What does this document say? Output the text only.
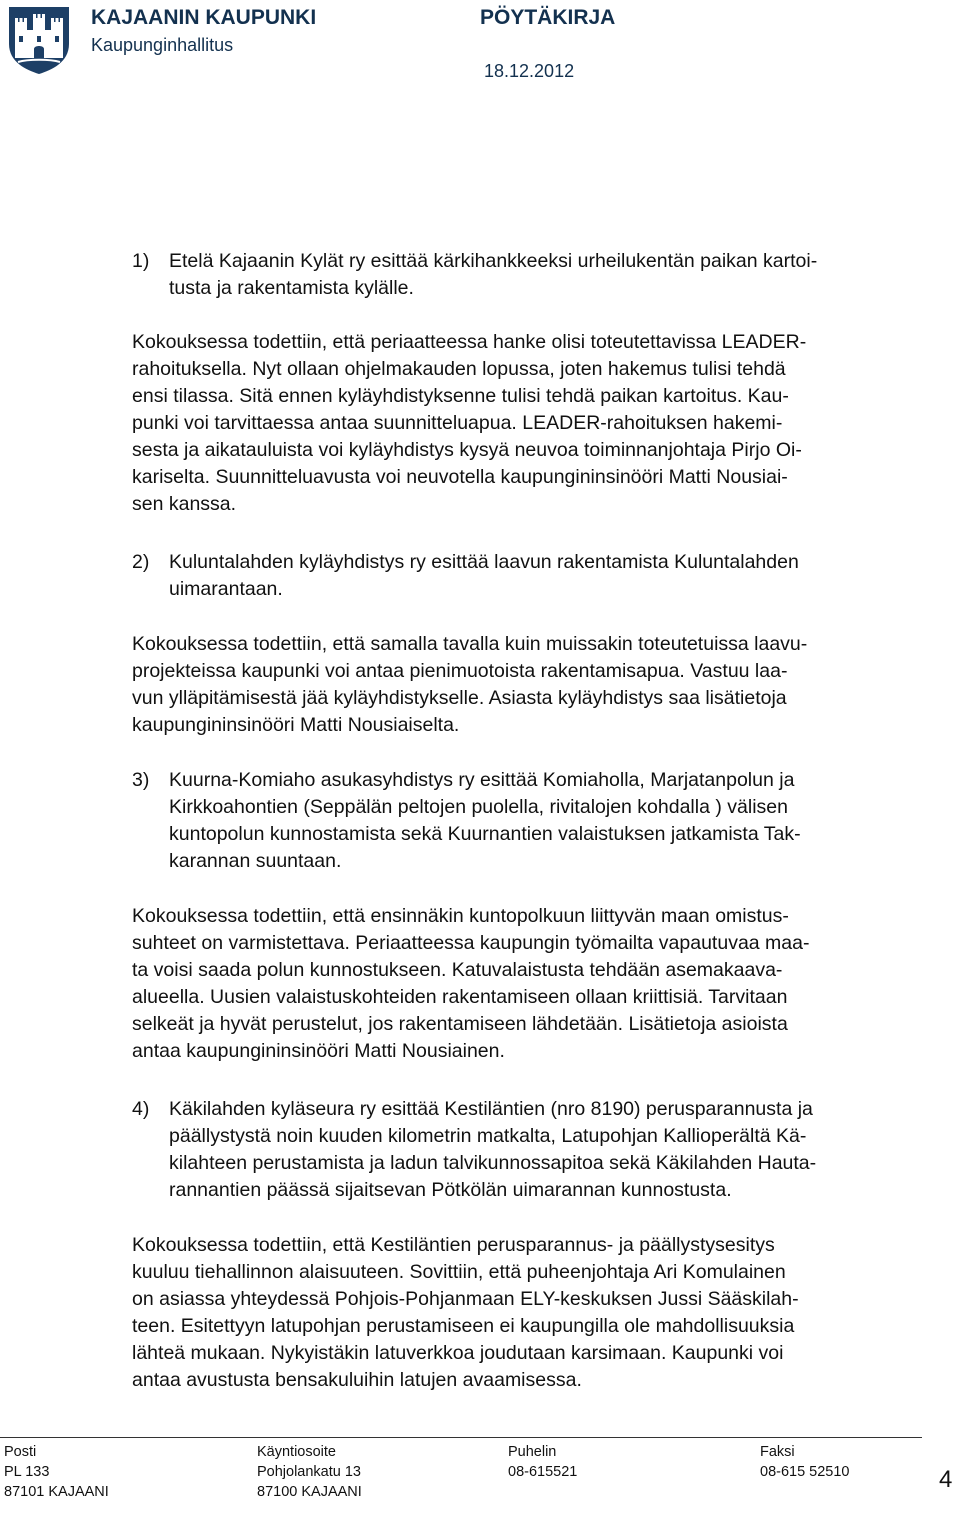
KAJAANIN KAUPUNKI
Kaupunginhallitus
PÖYTÄKIRJA
18.12.2012
1) Etelä Kajaanin Kylät ry esittää kärkihankkeeksi urheilukentän paikan kartoi-

tusta ja rakentamista kylälle.

Kokouksessa todettiin, että periaatteessa hanke olisi toteutettavissa LEADER-

rahoituksella. Nyt ollaan ohjelmakauden lopussa, joten hakemus tulisi tehdä

ensi tilassa. Sitä ennen kyläyhdistyksenne tulisi tehdä paikan kartoitus. Kau-

punki voi tarvittaessa antaa suunnitteluapua. LEADER-rahoituksen hakemi-

sesta ja aikatauluista voi kyläyhdistys kysyä neuvoa toiminnanjohtaja Pirjo Oi-

kariselta. Suunnitteluavusta voi neuvotella kaupungininsinööri Matti Nousiai-

sen kanssa.

2) Kuluntalahden kyläyhdistys ry esittää laavun rakentamista Kuluntalahden

uimarantaan.

Kokouksessa todettiin, että samalla tavalla kuin muissakin toteutetuissa laavu-

projekteissa kaupunki voi antaa pienimuotoista rakentamisapua. Vastuu laa-

vun ylläpitämisestä jää kyläyhdistykselle. Asiasta kyläyhdistys saa lisätietoja

kaupungininsinööri Matti Nousiaiselta.

3) Kuurna-Komiaho asukasyhdistys ry esittää Komiaholla, Marjatanpolun ja

Kirkkoahontien (Seppälän peltojen puolella, rivitalojen kohdalla ) välisen

kuntopolun kunnostamista sekä Kuurnantien valaistuksen jatkamista Tak-

karannan suuntaan.

Kokouksessa todettiin, että ensinnäkin kuntopolkuun liittyvän maan omistus-

suhteet on varmistettava. Periaatteessa kaupungin työmailta vapautuvaa maa-

ta voisi saada polun kunnostukseen. Katuvalaistusta tehdään asemakaava-

alueella. Uusien valaistuskohteiden rakentamiseen ollaan kriittisiä. Tarvitaan

selkeät ja hyvät perustelut, jos rakentamiseen lähdetään. Lisätietoja asioista

antaa kaupungininsinööri Matti Nousiainen.

4) Käkilahden kyläseura ry esittää Kestiläntien (nro 8190) perusparannusta ja

päällystystä noin kuuden kilometrin matkalta, Latupohjan Kallioperältä Kä-

kilahteen perustamista ja ladun talvikunnossapitoa sekä Käkilahden Hauta-

rannantien päässä sijaitsevan Pötkölän uimarannan kunnostusta.

Kokouksessa todettiin, että Kestiläntien perusparannus- ja päällystysesitys

kuuluu tiehallinnon alaisuuteen. Sovittiin, että puheenjohtaja Ari Komulainen

on asiassa yhteydessä Pohjois-Pohjanmaan ELY-keskuksen Jussi Sääskilah-

teen. Esitettyyn latupohjan perustamiseen ei kaupungilla ole mahdollisuuksia

lähteä mukaan. Nykyistäkin latuverkkoa joudutaan karsimaan. Kaupunki voi

antaa avustusta bensakuluihin latujen avaamisessa.

Posti
PL 133
87101 KAJAANI
Käyntiosoite
Pohjolankatu 13
87100 KAJAANI
Puhelin
08-615521
Faksi
08-615 52510	4
